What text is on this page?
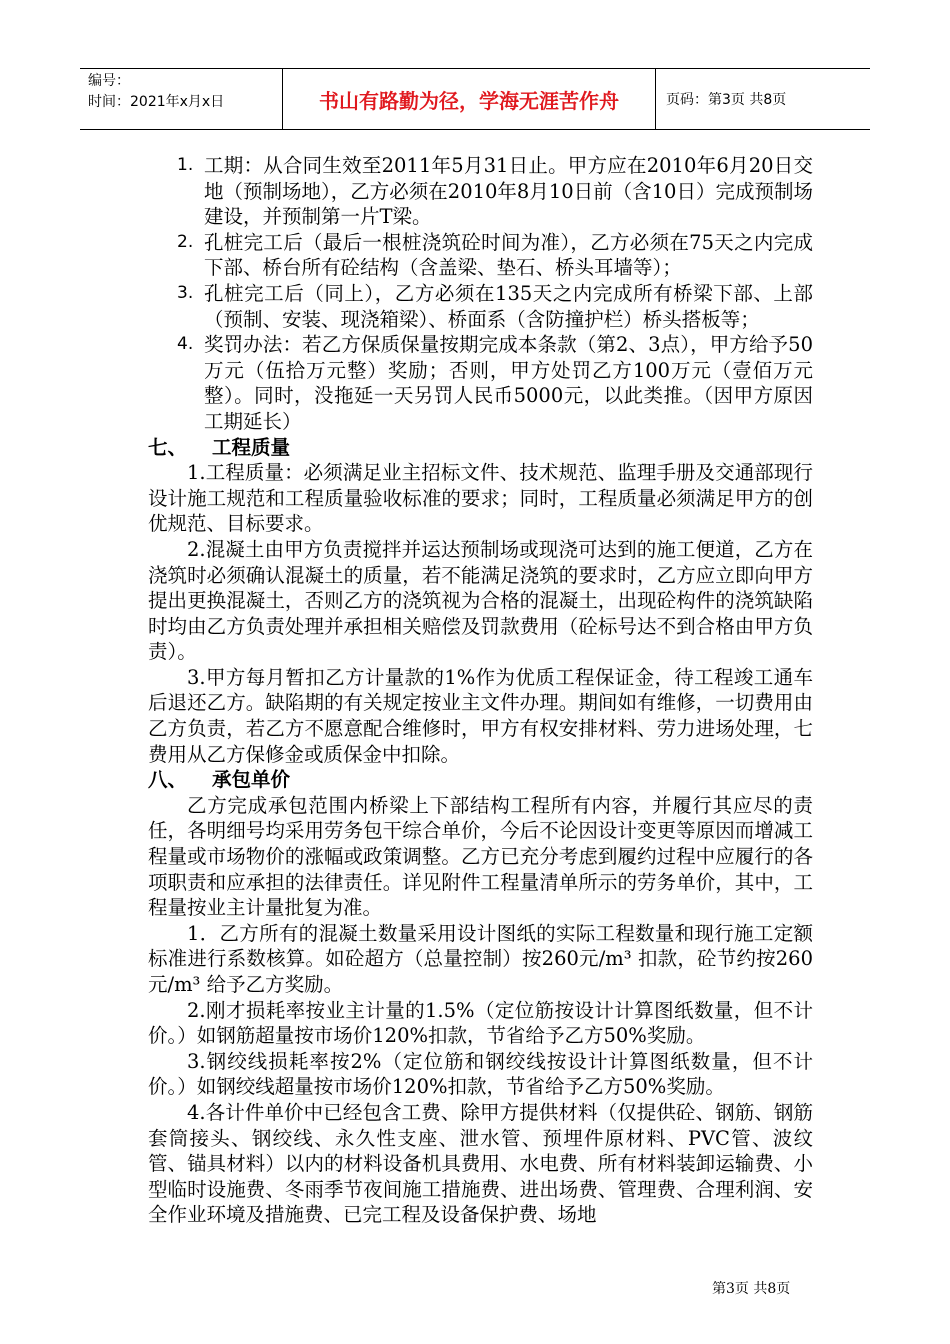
编号：
时间：2021年x月x日	书山有路勤为径，学海无涯苦作舟	页码：第3页 共8页
1. 工期：从合同生效至2011年5月31日止。甲方应在2010年6月20日交地（预制场地），乙方必须在2010年8月10日前（含10日）完成预制场建设，并预制第一片T梁。
2. 孔桩完工后（最后一根桩浇筑砼时间为准），乙方必须在75天之内完成下部、桥台所有砼结构（含盖梁、垫石、桥头耳墙等）；
3. 孔桩完工后（同上），乙方必须在135天之内完成所有桥梁下部、上部（预制、安装、现浇箱梁）、桥面系（含防撞护栏）桥头搭板等；
4. 奖罚办法：若乙方保质保量按期完成本条款（第2、3点），甲方给予50万元（伍拾万元整）奖励；否则，甲方处罚乙方100万元（壹佰万元整）。同时，没拖延一天另罚人民币5000元，以此类推。（因甲方原因工期延长）

七、 工程质量

1.工程质量：必须满足业主招标文件、技术规范、监理手册及交通部现行设计施工规范和工程质量验收标准的要求；同时，工程质量必须满足甲方的创优规范、目标要求。

2.混凝土由甲方负责搅拌并运达预制场或现浇可达到的施工便道，乙方在浇筑时必须确认混凝土的质量，若不能满足浇筑的要求时，乙方应立即向甲方提出更换混凝土，否则乙方的浇筑视为合格的混凝土，出现砼构件的浇筑缺陷时均由乙方负责处理并承担相关赔偿及罚款费用（砼标号达不到合格由甲方负责）。

3.甲方每月暂扣乙方计量款的1%作为优质工程保证金，待工程竣工通车后退还乙方。缺陷期的有关规定按业主文件办理。期间如有维修，一切费用由乙方负责，若乙方不愿意配合维修时，甲方有权安排材料、劳力进场处理，七费用从乙方保修金或质保金中扣除。

八、 承包单价

乙方完成承包范围内桥梁上下部结构工程所有内容，并履行其应尽的责任，各明细号均采用劳务包干综合单价，今后不论因设计变更等原因而增减工程量或市场物价的涨幅或政策调整。乙方已充分考虑到履约过程中应履行的各项职责和应承担的法律责任。详见附件工程量清单所示的劳务单价，其中，工程量按业主计量批复为准。

1．乙方所有的混凝土数量采用设计图纸的实际工程数量和现行施工定额标准进行系数核算。如砼超方（总量控制）按260元/m³ 扣款，砼节约按260元/m³ 给予乙方奖励。

2.刚才损耗率按业主计量的1.5%（定位筋按设计计算图纸数量，但不计价。）如钢筋超量按市场价120%扣款，节省给予乙方50%奖励。

3.钢绞线损耗率按2%（定位筋和钢绞线按设计计算图纸数量，但不计价。）如钢绞线超量按市场价120%扣款，节省给予乙方50%奖励。

4.各计件单价中已经包含工费、除甲方提供材料（仅提供砼、钢筋、钢筋套筒接头、钢绞线、永久性支座、泄水管、预埋件原材料、PVC管、波纹管、锚具材料）以内的材料设备机具费用、水电费、所有材料装卸运输费、小型临时设施费、冬雨季节夜间施工措施费、进出场费、管理费、合理利润、安全作业环境及措施费、已完工程及设备保护费、场地

第3页 共8页
